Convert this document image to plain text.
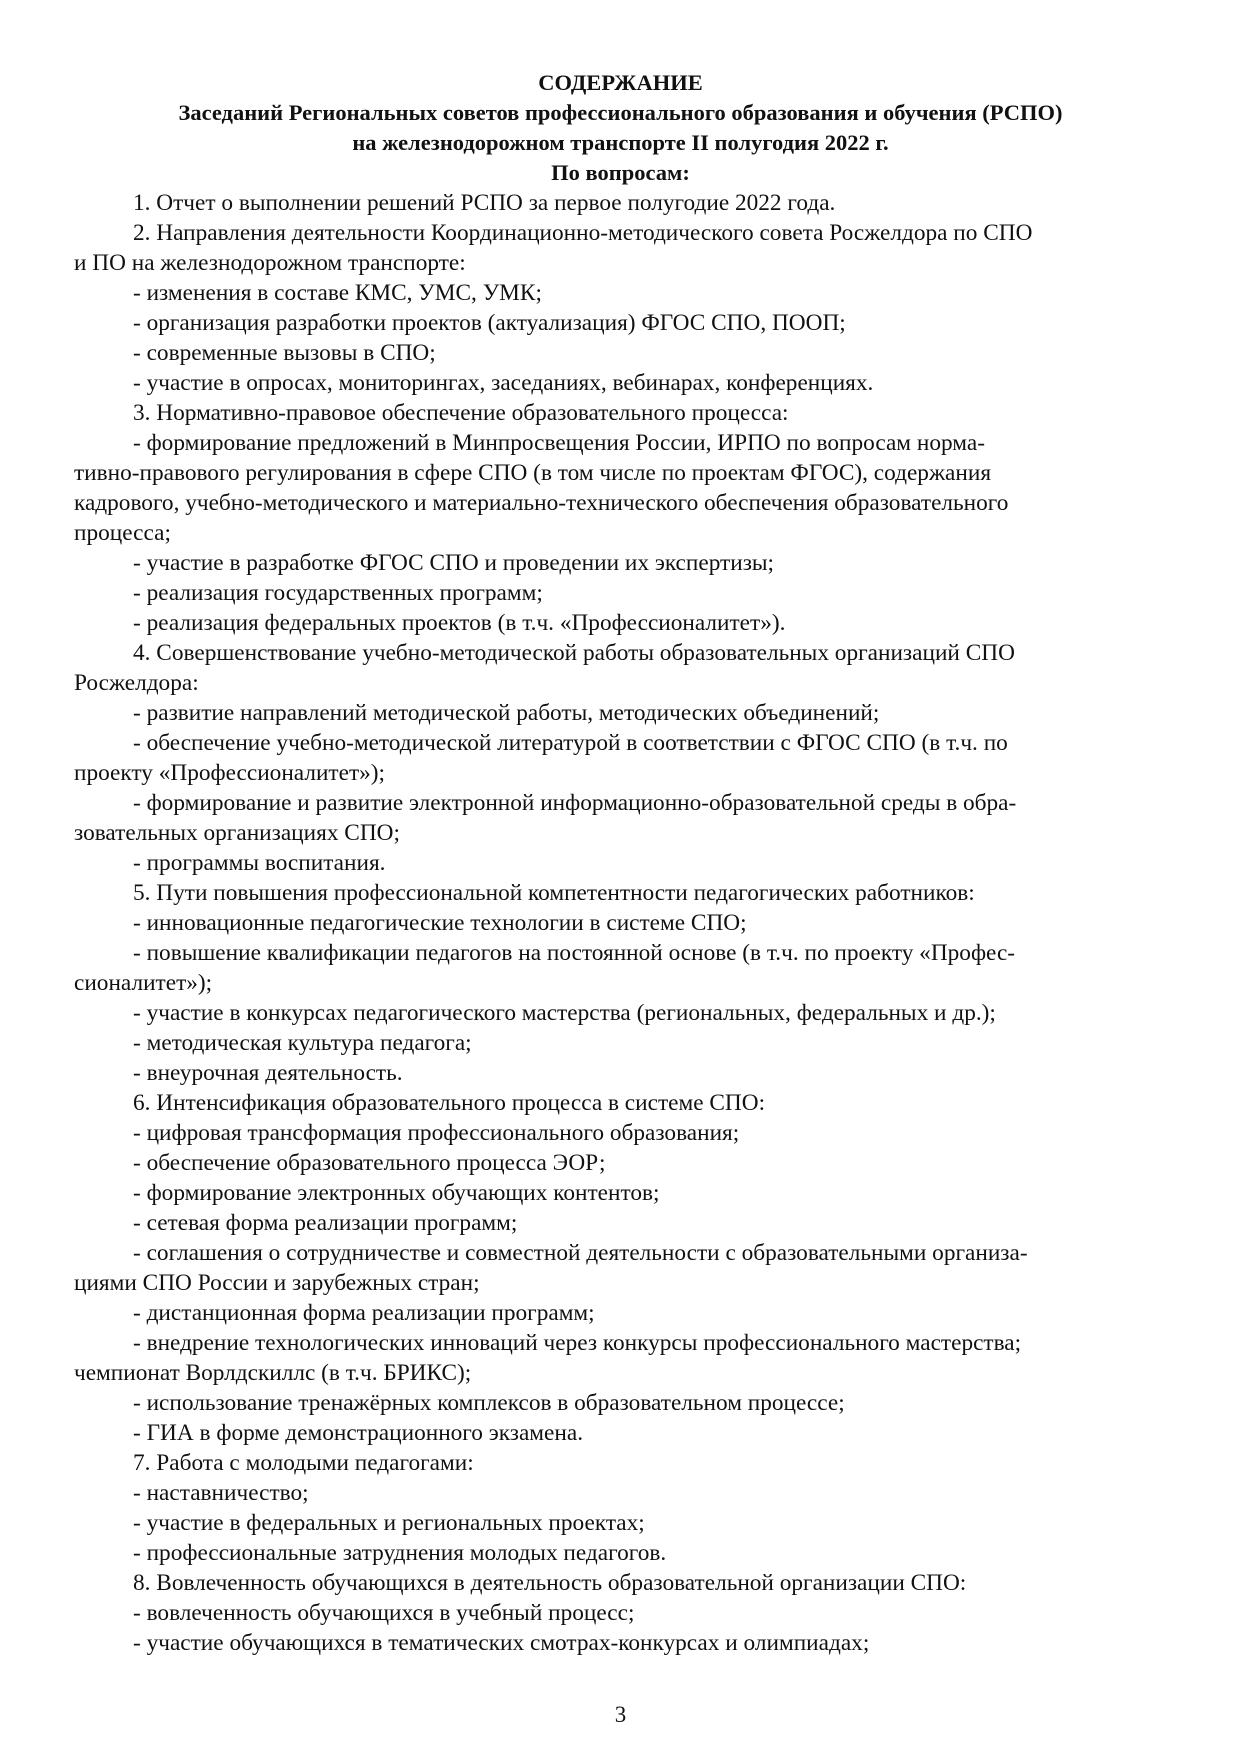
СОДЕРЖАНИЕ
Заседаний Региональных советов профессионального образования и обучения (РСПО)
на железнодорожном транспорте II полугодия 2022 г.
По вопросам:
1. Отчет о выполнении решений РСПО за первое полугодие 2022 года.
2. Направления деятельности Координационно-методического совета Росжелдора по СПО
и ПО на железнодорожном транспорте:
- изменения в составе КМС, УМС, УМК;
- организация разработки проектов (актуализация) ФГОС СПО, ПООП;
- современные вызовы в СПО;
- участие в опросах, мониторингах, заседаниях, вебинарах, конференциях.
3. Нормативно-правовое обеспечение образовательного процесса:
- формирование предложений в Минпросвещения России, ИРПО по вопросам норма-
тивно-правового регулирования в сфере СПО (в том числе по проектам ФГОС), содержания
кадрового, учебно-методического и материально-технического обеспечения образовательного
процесса;
- участие в разработке ФГОС СПО и проведении их экспертизы;
- реализация государственных программ;
- реализация федеральных проектов (в т.ч. «Профессионалитет»).
4. Совершенствование учебно-методической работы образовательных организаций СПО
Росжелдора:
- развитие направлений методической работы, методических объединений;
- обеспечение учебно-методической литературой в соответствии с ФГОС СПО (в т.ч. по
проекту «Профессионалитет»);
- формирование и развитие электронной информационно-образовательной среды в обра-
зовательных организациях СПО;
- программы воспитания.
5. Пути повышения профессиональной компетентности педагогических работников:
- инновационные педагогические технологии в системе СПО;
- повышение квалификации педагогов на постоянной основе (в т.ч. по проекту «Профес-
сионалитет»);
- участие в конкурсах педагогического мастерства (региональных, федеральных и др.);
- методическая культура педагога;
- внеурочная деятельность.
6. Интенсификация образовательного процесса в системе СПО:
- цифровая трансформация профессионального образования;
- обеспечение образовательного процесса ЭОР;
- формирование электронных обучающих контентов;
- сетевая форма реализации программ;
- соглашения о сотрудничестве и совместной деятельности с образовательными организа-
циями СПО России и зарубежных стран;
- дистанционная форма реализации программ;
- внедрение технологических инноваций через конкурсы профессионального мастерства;
чемпионат Ворлдскиллс (в т.ч. БРИКС);
- использование тренажёрных комплексов в образовательном процессе;
- ГИА в форме демонстрационного экзамена.
7. Работа с молодыми педагогами:
- наставничество;
- участие в федеральных и региональных проектах;
- профессиональные затруднения молодых педагогов.
8. Вовлеченность обучающихся в деятельность образовательной организации СПО:
- вовлеченность обучающихся в учебный процесс;
- участие обучающихся в тематических смотрах-конкурсах и олимпиадах;
3
